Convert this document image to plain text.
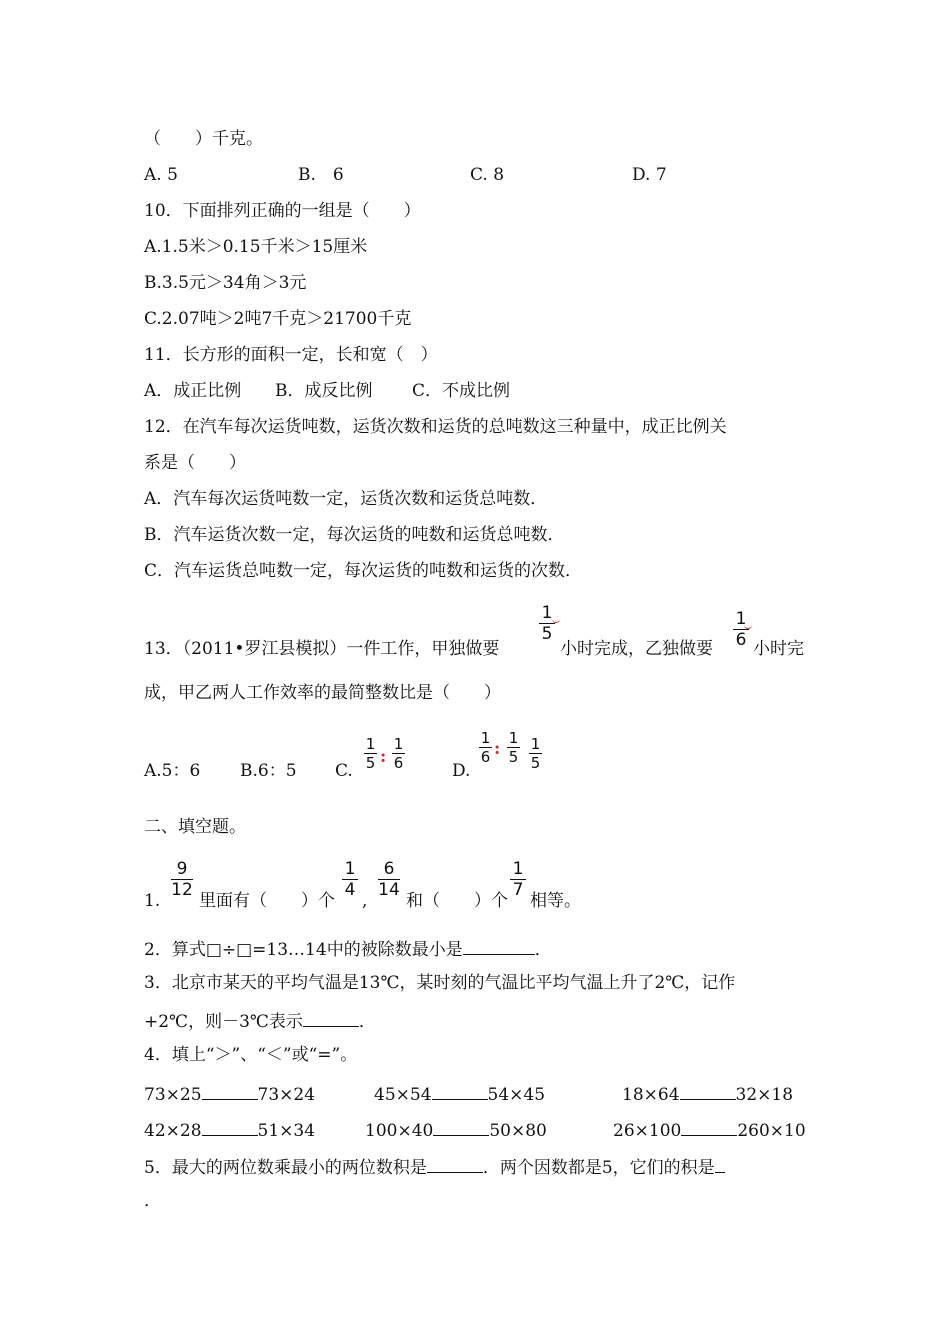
（　　）千克。
A. 5	B.　6	C. 8	D. 7
10．下面排列正确的一组是（　　）
A.1.5米＞0.15千米＞15厘米
B.3.5元＞34角＞3元
C.2.07吨＞2吨7千克＞21700千克
11．长方形的面积一定，长和宽（　）
A．成正比例 B．成反比例 C．不成比例
12．在汽车每次运货吨数，运货次数和运货的总吨数这三种量中，成正比例关
系是（　　）
A．汽车每次运货吨数一定，运货次数和运货总吨数．
B．汽车运货次数一定，每次运货的吨数和运货总吨数．
C．汽车运货总吨数一定，每次运货的吨数和运货的次数．
13．（2011•罗江县模拟）一件工作，甲独做要
1
5
小时完成，乙独做要
1
6 小时完
成，甲乙两人工作效率的最简整数比是（　　）
A.5：6 B.6：5 C.
1
5 :
1
6	D.
1
6 :
1
5
1
5
二、填空题。
1.
9
12
里面有（　　）个
1
4
,
6
14
和（　　）个
1
7
相等。
2．算式□÷□=13…14中的被除数最小是	．
3．北京市某天的平均气温是13℃，某时刻的气温比平均气温上升了2℃，记作
+2℃，则－3℃表示	．
4．填上“＞”、“＜”或“=”。
73×25	73×24	45×54	54×45	18×64	32×18
42×28	51×34	100×40	50×80	26×100	260×10
5．最大的两位数乘最小的两位数积是	．两个因数都是5，它们的积是
．
